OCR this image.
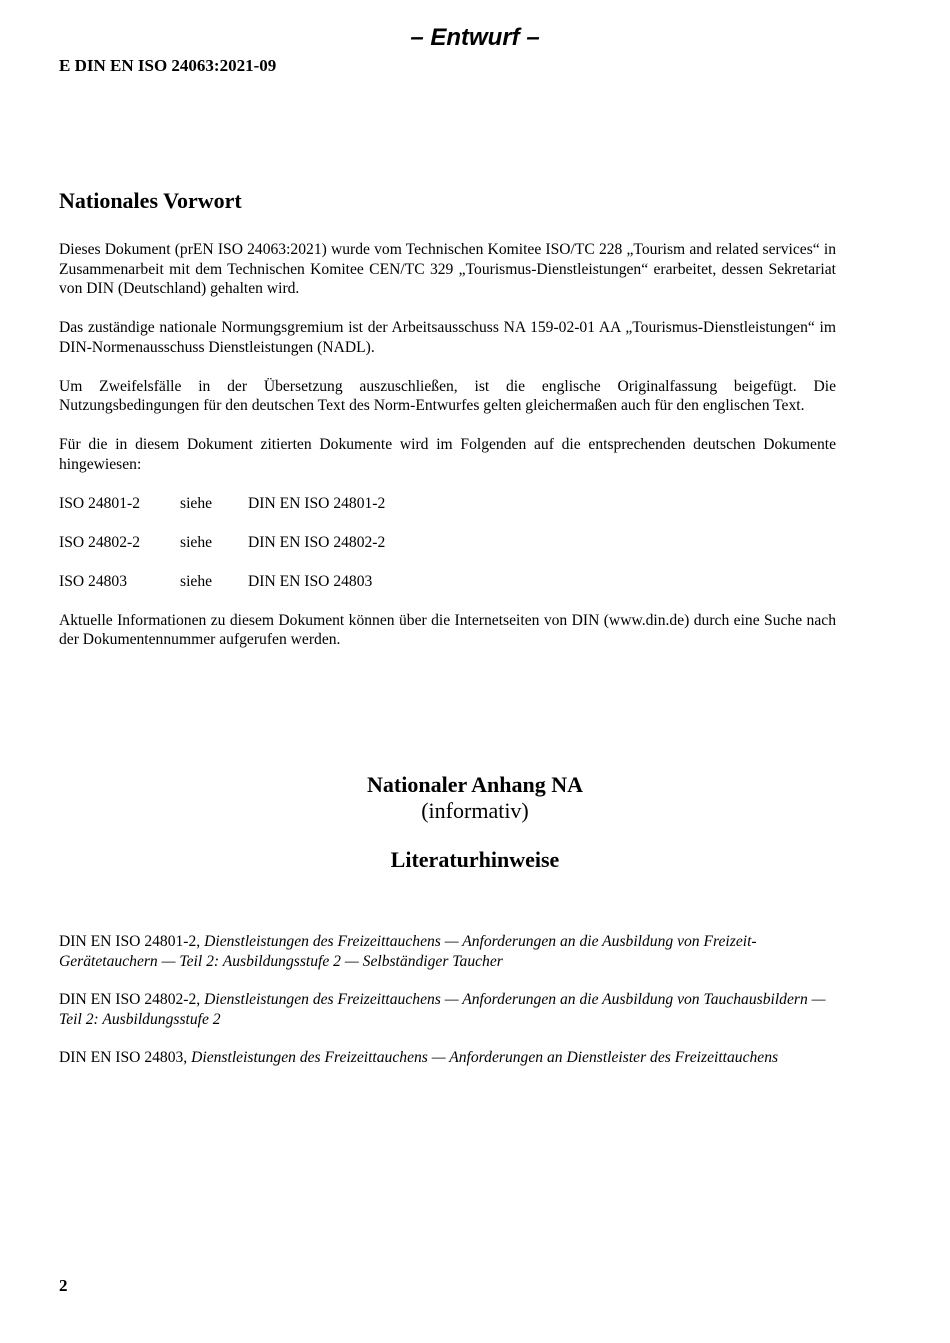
– Entwurf –
E DIN EN ISO 24063:2021-09
Nationales Vorwort

Dieses Dokument (prEN ISO 24063:2021) wurde vom Technischen Komitee ISO/TC 228 „Tourism and related services“ in Zusammenarbeit mit dem Technischen Komitee CEN/TC 329 „Tourismus-Dienstleistungen“ erarbeitet, dessen Sekretariat von DIN (Deutschland) gehalten wird.

Das zuständige nationale Normungsgremium ist der Arbeitsausschuss NA 159-02-01 AA „Tourismus-Dienstleistungen“ im DIN-Normenausschuss Dienstleistungen (NADL).

Um Zweifelsfälle in der Übersetzung auszuschließen, ist die englische Originalfassung beigefügt. Die Nutzungsbedingungen für den deutschen Text des Norm-Entwurfes gelten gleichermaßen auch für den englischen Text.

Für die in diesem Dokument zitierten Dokumente wird im Folgenden auf die entsprechenden deutschen Dokumente hingewiesen:

ISO 24801-2	siehe	DIN EN ISO 24801-2
ISO 24802-2	siehe	DIN EN ISO 24802-2
ISO 24803	siehe	DIN EN ISO 24803

Aktuelle Informationen zu diesem Dokument können über die Internetseiten von DIN (www.din.de) durch eine Suche nach der Dokumentennummer aufgerufen werden.

Nationaler Anhang NA
(informativ)
Literaturhinweise

DIN EN ISO 24801-2, Dienstleistungen des Freizeittauchens — Anforderungen an die Ausbildung von Freizeit-Gerätetauchern — Teil 2: Ausbildungsstufe 2 — Selbständiger Taucher

DIN EN ISO 24802-2, Dienstleistungen des Freizeittauchens — Anforderungen an die Ausbildung von Tauchausbildern — Teil 2: Ausbildungsstufe 2

DIN EN ISO 24803, Dienstleistungen des Freizeittauchens — Anforderungen an Dienstleister des Freizeittauchens

2
